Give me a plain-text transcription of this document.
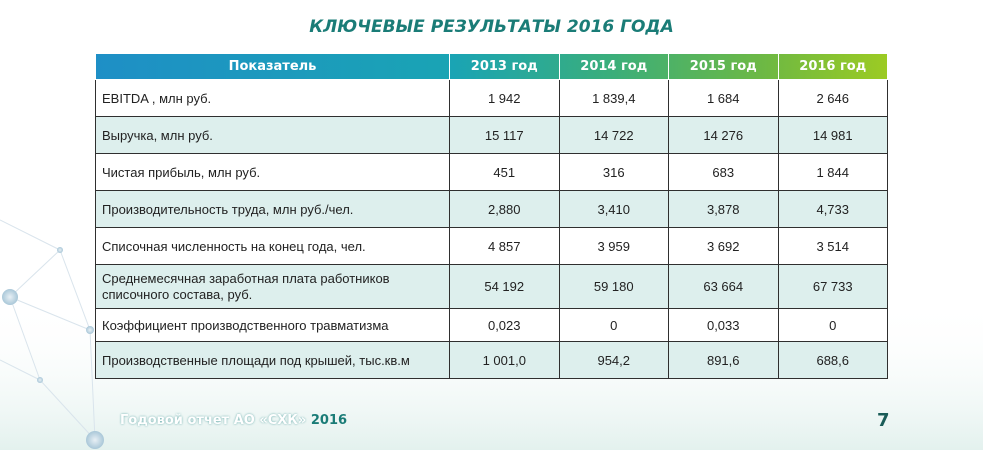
КЛЮЧЕВЫЕ РЕЗУЛЬТАТЫ 2016 ГОДА
Показатель	2013 год	2014 год	2015 год	2016 год
EBITDA , млн руб.	1 942	1 839,4	1 684	2 646
Выручка, млн руб.	15 117	14 722	14 276	14 981
Чистая прибыль, млн руб.	451	316	683	1 844
Производительность труда, млн руб./чел.	2,880	3,410	3,878	4,733
Списочная численность на конец года, чел.	4 857	3 959	3 692	3 514
Среднемесячная заработная плата работников списочного состава, руб.	54 192	59 180	63 664	67 733
Коэффициент производственного травматизма	0,023	0	0,033	0
Производственные площади под крышей, тыс.кв.м	1 001,0	954,2	891,6	688,6
Годовой отчет АО «СХК» 2016	7
